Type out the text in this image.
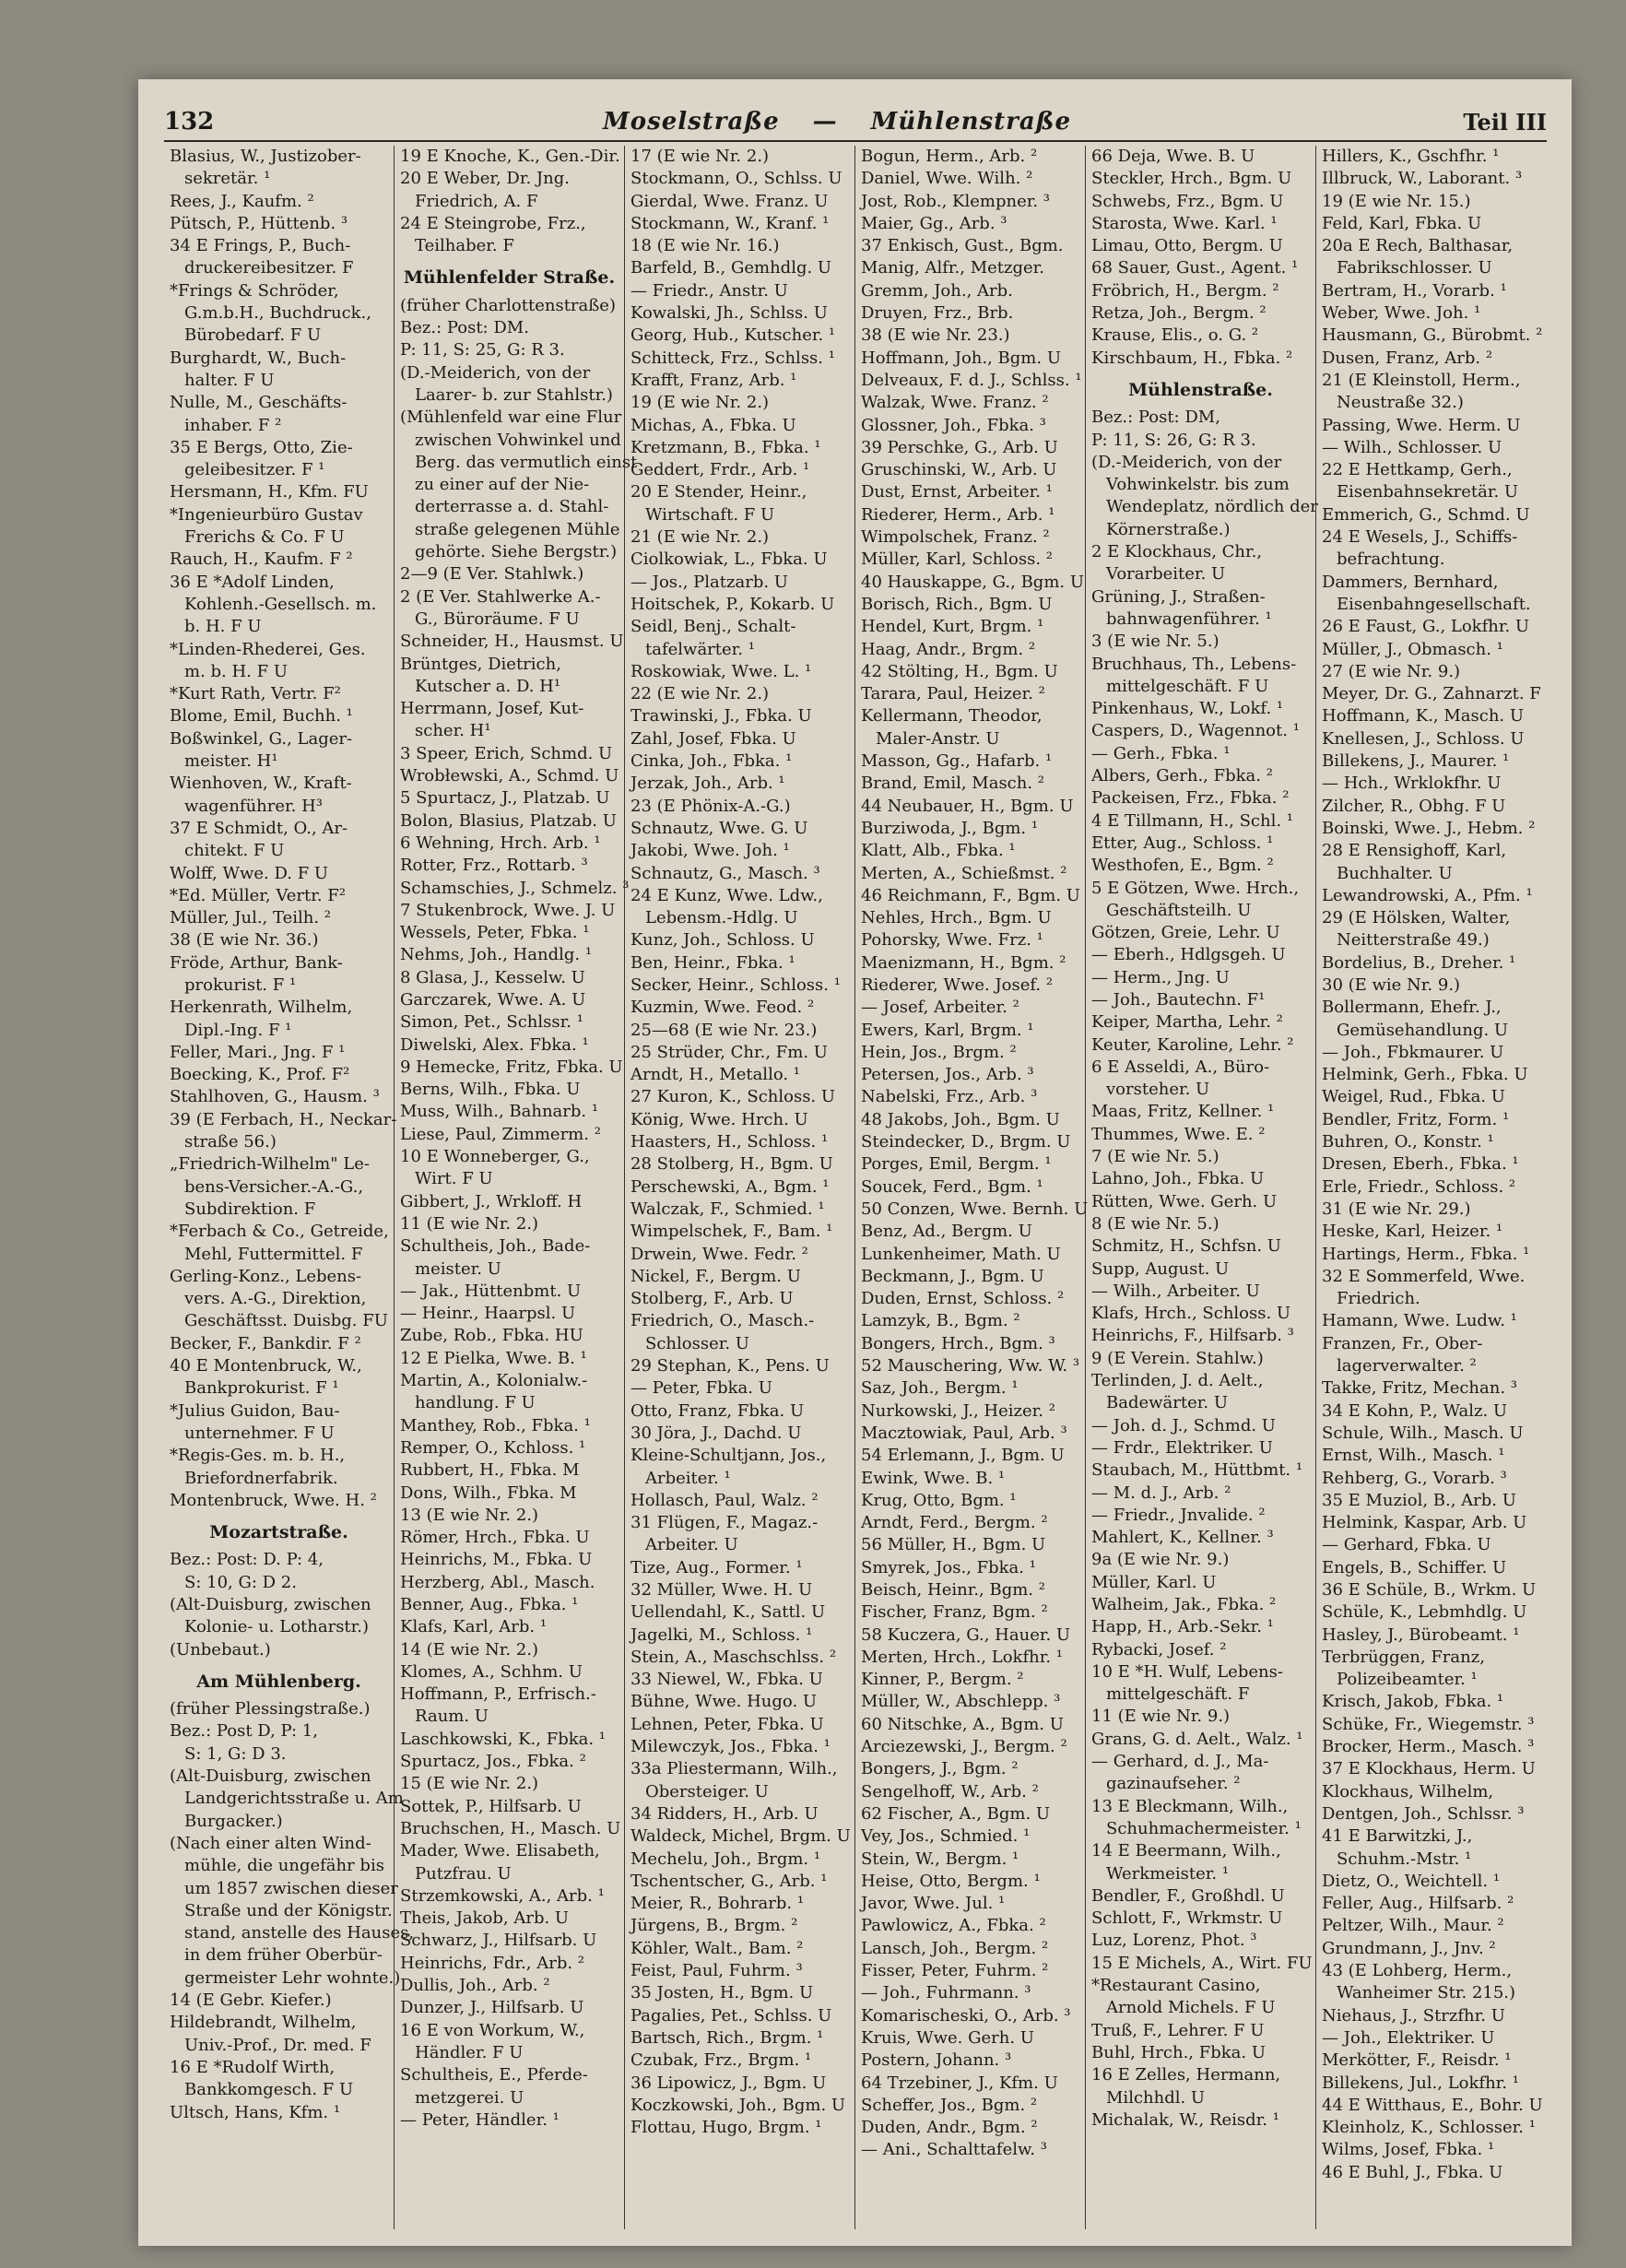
132	Moselstraße — Mühlenstraße	Teil III
Blasius, W., Justizober-
sekretär. ¹
Rees, J., Kaufm. ²
Pütsch, P., Hüttenb. ³
34 E Frings, P., Buch-
druckereibesitzer. F
*Frings & Schröder,
G.m.b.H., Buchdruck.,
Bürobedarf. F U
Burghardt, W., Buch-
halter. F U
Nulle, M., Geschäfts-
inhaber. F ²
35 E Bergs, Otto, Zie-
geleibesitzer. F ¹
Hersmann, H., Kfm. FU
*Ingenieurbüro Gustav
Frerichs & Co. F U
Rauch, H., Kaufm. F ²
36 E *Adolf Linden,
Kohlenh.-Gesellsch. m.
b. H. F U
*Linden-Rhederei, Ges.
m. b. H. F U
*Kurt Rath, Vertr. F²
Blome, Emil, Buchh. ¹
Boßwinkel, G., Lager-
meister. H¹
Wienhoven, W., Kraft-
wagenführer. H³
37 E Schmidt, O., Ar-
chitekt. F U
Wolff, Wwe. D. F U
*Ed. Müller, Vertr. F²
Müller, Jul., Teilh. ²
38 (E wie Nr. 36.)
Fröde, Arthur, Bank-
prokurist. F ¹
Herkenrath, Wilhelm,
Dipl.-Ing. F ¹
Feller, Mari., Jng. F ¹
Boecking, K., Prof. F²
Stahlhoven, G., Hausm. ³
39 (E Ferbach, H., Neckar-
straße 56.)
„Friedrich-Wilhelm" Le-
bens-Versicher.-A.-G.,
Subdirektion. F
*Ferbach & Co., Getreide,
Mehl, Futtermittel. F
Gerling-Konz., Lebens-
vers. A.-G., Direktion,
Geschäftsst. Duisbg. FU
Becker, F., Bankdir. F ²
40 E Montenbruck, W.,
Bankprokurist. F ¹
*Julius Guidon, Bau-
unternehmer. F U
*Regis-Ges. m. b. H.,
Briefordnerfabrik.
Montenbruck, Wwe. H. ²
Mozartstraße.
Bez.: Post: D. P: 4,
S: 10, G: D 2.
(Alt-Duisburg, zwischen
Kolonie- u. Lotharstr.)
(Unbebaut.)
Am Mühlenberg.
(früher Plessingstraße.)
Bez.: Post D, P: 1,
S: 1, G: D 3.
(Alt-Duisburg, zwischen
Landgerichtsstraße u. Am
Burgacker.)
(Nach einer alten Wind-
mühle, die ungefähr bis
um 1857 zwischen dieser
Straße und der Königstr.
stand, anstelle des Hauses,
in dem früher Oberbür-
germeister Lehr wohnte.)
14 (E Gebr. Kiefer.)
Hildebrandt, Wilhelm,
Univ.-Prof., Dr. med. F
16 E *Rudolf Wirth,
Bankkomgesch. F U
Ultsch, Hans, Kfm. ¹
19 E Knoche, K., Gen.-Dir.
20 E Weber, Dr. Jng.
Friedrich, A. F
24 E Steingrobe, Frz.,
Teilhaber. F
Mühlenfelder Straße.
(früher Charlottenstraße)
Bez.: Post: DM.
P: 11, S: 25, G: R 3.
(D.-Meiderich, von der
Laarer- b. zur Stahlstr.)
(Mühlenfeld war eine Flur
zwischen Vohwinkel und
Berg. das vermutlich einst
zu einer auf der Nie-
derterrasse a. d. Stahl-
straße gelegenen Mühle
gehörte. Siehe Bergstr.)
2—9 (E Ver. Stahlwk.)
2 (E Ver. Stahlwerke A.-
G., Büroräume. F U
Schneider, H., Hausmst. U
Brüntges, Dietrich,
Kutscher a. D. H¹
Herrmann, Josef, Kut-
scher. H¹
3 Speer, Erich, Schmd. U
Wrobłewski, A., Schmd. U
5 Spurtacz, J., Platzab. U
Bolon, Blasius, Platzab. U
6 Wehning, Hrch. Arb. ¹
Rotter, Frz., Rottarb. ³
Schamschies, J., Schmelz. ³
7 Stukenbrock, Wwe. J. U
Wessels, Peter, Fbka. ¹
Nehms, Joh., Handlg. ¹
8 Glasa, J., Kesselw. U
Garczarek, Wwe. A. U
Simon, Pet., Schlssr. ¹
Diwelski, Alex. Fbka. ¹
9 Hemecke, Fritz, Fbka. U
Berns, Wilh., Fbka. U
Muss, Wilh., Bahnarb. ¹
Liese, Paul, Zimmerm. ²
10 E Wonneberger, G.,
Wirt. F U
Gibbert, J., Wrkloff. H
11 (E wie Nr. 2.)
Schultheis, Joh., Bade-
meister. U
— Jak., Hüttenbmt. U
— Heinr., Haarpsl. U
Zube, Rob., Fbka. HU
12 E Pielka, Wwe. B. ¹
Martin, A., Kolonialw.-
handlung. F U
Manthey, Rob., Fbka. ¹
Remper, O., Kchloss. ¹
Rubbert, H., Fbka. M
Dons, Wilh., Fbka. M
13 (E wie Nr. 2.)
Römer, Hrch., Fbka. U
Heinrichs, M., Fbka. U
Herzberg, Abl., Masch.
Benner, Aug., Fbka. ¹
Klafs, Karl, Arb. ¹
14 (E wie Nr. 2.)
Klomes, A., Schhm. U
Hoffmann, P., Erfrisch.-
Raum. U
Laschkowski, K., Fbka. ¹
Spurtacz, Jos., Fbka. ²
15 (E wie Nr. 2.)
Sottek, P., Hilfsarb. U
Bruchschen, H., Masch. U
Mader, Wwe. Elisabeth,
Putzfrau. U
Strzemkowski, A., Arb. ¹
Theis, Jakob, Arb. U
Schwarz, J., Hilfsarb. U
Heinrichs, Fdr., Arb. ²
Dullis, Joh., Arb. ²
Dunzer, J., Hilfsarb. U
16 E von Workum, W.,
Händler. F U
Schultheis, E., Pferde-
metzgerei. U
— Peter, Händler. ¹
17 (E wie Nr. 2.)
Stockmann, O., Schlss. U
Gierdal, Wwe. Franz. U
Stockmann, W., Kranf. ¹
18 (E wie Nr. 16.)
Barfeld, B., Gemhdlg. U
— Friedr., Anstr. U
Kowalski, Jh., Schlss. U
Georg, Hub., Kutscher. ¹
Schitteck, Frz., Schlss. ¹
Krafft, Franz, Arb. ¹
19 (E wie Nr. 2.)
Michas, A., Fbka. U
Kretzmann, B., Fbka. ¹
Geddert, Frdr., Arb. ¹
20 E Stender, Heinr.,
Wirtschaft. F U
21 (E wie Nr. 2.)
Ciolkowiak, L., Fbka. U
— Jos., Platzarb. U
Hoitschek, P., Kokarb. U
Seidl, Benj., Schalt-
tafelwärter. ¹
Roskowiak, Wwe. L. ¹
22 (E wie Nr. 2.)
Trawinski, J., Fbka. U
Zahl, Josef, Fbka. U
Cinka, Joh., Fbka. ¹
Jerzak, Joh., Arb. ¹
23 (E Phönix-A.-G.)
Schnautz, Wwe. G. U
Jakobi, Wwe. Joh. ¹
Schnautz, G., Masch. ³
24 E Kunz, Wwe. Ldw.,
Lebensm.-Hdlg. U
Kunz, Joh., Schloss. U
Ben, Heinr., Fbka. ¹
Secker, Heinr., Schloss. ¹
Kuzmin, Wwe. Feod. ²
25—68 (E wie Nr. 23.)
25 Strüder, Chr., Fm. U
Arndt, H., Metallo. ¹
27 Kuron, K., Schloss. U
König, Wwe. Hrch. U
Haasters, H., Schloss. ¹
28 Stolberg, H., Bgm. U
Perschewski, A., Bgm. ¹
Walczak, F., Schmied. ¹
Wimpelschek, F., Bam. ¹
Drwein, Wwe. Fedr. ²
Nickel, F., Bergm. U
Stolberg, F., Arb. U
Friedrich, O., Masch.-
Schlosser. U
29 Stephan, K., Pens. U
— Peter, Fbka. U
Otto, Franz, Fbka. U
30 Jöra, J., Dachd. U
Kleine-Schultjann, Jos.,
Arbeiter. ¹
Hollasch, Paul, Walz. ²
31 Flügen, F., Magaz.-
Arbeiter. U
Tize, Aug., Former. ¹
32 Müller, Wwe. H. U
Uellendahl, K., Sattl. U
Jagelki, M., Schloss. ¹
Stein, A., Maschschlss. ²
33 Niewel, W., Fbka. U
Bühne, Wwe. Hugo. U
Lehnen, Peter, Fbka. U
Milewczyk, Jos., Fbka. ¹
33a Pliestermann, Wilh.,
Obersteiger. U
34 Ridders, H., Arb. U
Waldeck, Michel, Brgm. U
Mechelu, Joh., Brgm. ¹
Tschentscher, G., Arb. ¹
Meier, R., Bohrarb. ¹
Jürgens, B., Brgm. ²
Köhler, Walt., Bam. ²
Feist, Paul, Fuhrm. ³
35 Josten, H., Bgm. U
Pagalies, Pet., Schlss. U
Bartsch, Rich., Brgm. ¹
Czubak, Frz., Brgm. ¹
36 Lipowicz, J., Bgm. U
Koczkowski, Joh., Bgm. U
Flottau, Hugo, Brgm. ¹
Bogun, Herm., Arb. ²
Daniel, Wwe. Wilh. ²
Jost, Rob., Klempner. ³
Maier, Gg., Arb. ³
37 Enkisch, Gust., Bgm.
Manig, Alfr., Metzger.
Gremm, Joh., Arb.
Druyen, Frz., Brb.
38 (E wie Nr. 23.)
Hoffmann, Joh., Bgm. U
Delveaux, F. d. J., Schlss. ¹
Walzak, Wwe. Franz. ²
Glossner, Joh., Fbka. ³
39 Perschke, G., Arb. U
Gruschinski, W., Arb. U
Dust, Ernst, Arbeiter. ¹
Riederer, Herm., Arb. ¹
Wimpolschek, Franz. ²
Müller, Karl, Schloss. ²
40 Hauskappe, G., Bgm. U
Borisch, Rich., Bgm. U
Hendel, Kurt, Brgm. ¹
Haag, Andr., Brgm. ²
42 Stölting, H., Bgm. U
Tarara, Paul, Heizer. ²
Kellermann, Theodor,
Maler-Anstr. U
Masson, Gg., Hafarb. ¹
Brand, Emil, Masch. ²
44 Neubauer, H., Bgm. U
Burziwoda, J., Bgm. ¹
Klatt, Alb., Fbka. ¹
Merten, A., Schießmst. ²
46 Reichmann, F., Bgm. U
Nehles, Hrch., Bgm. U
Pohorsky, Wwe. Frz. ¹
Maenizmann, H., Bgm. ²
Riederer, Wwe. Josef. ²
— Josef, Arbeiter. ²
Ewers, Karl, Brgm. ¹
Hein, Jos., Brgm. ²
Petersen, Jos., Arb. ³
Nabelski, Frz., Arb. ³
48 Jakobs, Joh., Bgm. U
Steindecker, D., Brgm. U
Porges, Emil, Bergm. ¹
Soucek, Ferd., Bgm. ¹
50 Conzen, Wwe. Bernh. U
Benz, Ad., Bergm. U
Lunkenheimer, Math. U
Beckmann, J., Bgm. U
Duden, Ernst, Schloss. ²
Lamzyk, B., Bgm. ²
Bongers, Hrch., Bgm. ³
52 Mauschering, Ww. W. ³
Saz, Joh., Bergm. ¹
Nurkowski, J., Heizer. ²
Macztowiak, Paul, Arb. ³
54 Erlemann, J., Bgm. U
Ewink, Wwe. B. ¹
Krug, Otto, Bgm. ¹
Arndt, Ferd., Bergm. ²
56 Müller, H., Bgm. U
Smyrek, Jos., Fbka. ¹
Beisch, Heinr., Bgm. ²
Fischer, Franz, Bgm. ²
58 Kuczera, G., Hauer. U
Merten, Hrch., Lokfhr. ¹
Kinner, P., Bergm. ²
Müller, W., Abschlepp. ³
60 Nitschke, A., Bgm. U
Arciezewski, J., Bergm. ²
Bongers, J., Bgm. ²
Sengelhoff, W., Arb. ²
62 Fischer, A., Bgm. U
Vey, Jos., Schmied. ¹
Stein, W., Bergm. ¹
Heise, Otto, Bergm. ¹
Javor, Wwe. Jul. ¹
Pawlowicz, A., Fbka. ²
Lansch, Joh., Bergm. ²
Fisser, Peter, Fuhrm. ²
— Joh., Fuhrmann. ³
Komarischeski, O., Arb. ³
Kruis, Wwe. Gerh. U
Postern, Johann. ³
64 Trzebiner, J., Kfm. U
Scheffer, Jos., Bgm. ²
Duden, Andr., Bgm. ²
— Ani., Schalttafelw. ³
66 Deja, Wwe. B. U
Steckler, Hrch., Bgm. U
Schwebs, Frz., Bgm. U
Starosta, Wwe. Karl. ¹
Limau, Otto, Bergm. U
68 Sauer, Gust., Agent. ¹
Fröbrich, H., Bergm. ²
Retza, Joh., Bergm. ²
Krause, Elis., o. G. ²
Kirschbaum, H., Fbka. ²
Mühlenstraße.
Bez.: Post: DM,
P: 11, S: 26, G: R 3.
(D.-Meiderich, von der
Vohwinkelstr. bis zum
Wendeplatz, nördlich der
Körnerstraße.)
2 E Klockhaus, Chr.,
Vorarbeiter. U
Grüning, J., Straßen-
bahnwagenführer. ¹
3 (E wie Nr. 5.)
Bruchhaus, Th., Lebens-
mittelgeschäft. F U
Pinkenhaus, W., Lokf. ¹
Caspers, D., Wagennot. ¹
— Gerh., Fbka. ¹
Albers, Gerh., Fbka. ²
Packeisen, Frz., Fbka. ²
4 E Tillmann, H., Schl. ¹
Etter, Aug., Schloss. ¹
Westhofen, E., Bgm. ²
5 E Götzen, Wwe. Hrch.,
Geschäftsteilh. U
Götzen, Greie, Lehr. U
— Eberh., Hdlgsgeh. U
— Herm., Jng. U
— Joh., Bautechn. F¹
Keiper, Martha, Lehr. ²
Keuter, Karoline, Lehr. ²
6 E Asseldi, A., Büro-
vorsteher. U
Maas, Fritz, Kellner. ¹
Thummes, Wwe. E. ²
7 (E wie Nr. 5.)
Lahno, Joh., Fbka. U
Rütten, Wwe. Gerh. U
8 (E wie Nr. 5.)
Schmitz, H., Schfsn. U
Supp, August. U
— Wilh., Arbeiter. U
Klafs, Hrch., Schloss. U
Heinrichs, F., Hilfsarb. ³
9 (E Verein. Stahlw.)
Terlinden, J. d. Aelt.,
Badewärter. U
— Joh. d. J., Schmd. U
— Frdr., Elektriker. U
Staubach, M., Hüttbmt. ¹
— M. d. J., Arb. ²
— Friedr., Jnvalide. ²
Mahlert, K., Kellner. ³
9a (E wie Nr. 9.)
Müller, Karl. U
Walheim, Jak., Fbka. ²
Happ, H., Arb.-Sekr. ¹
Rybacki, Josef. ²
10 E *H. Wulf, Lebens-
mittelgeschäft. F
11 (E wie Nr. 9.)
Grans, G. d. Aelt., Walz. ¹
— Gerhard, d. J., Ma-
gazinaufseher. ²
13 E Bleckmann, Wilh.,
Schuhmachermeister. ¹
14 E Beermann, Wilh.,
Werkmeister. ¹
Bendler, F., Großhdl. U
Schlott, F., Wrkmstr. U
Luz, Lorenz, Phot. ³
15 E Michels, A., Wirt. FU
*Restaurant Casino,
Arnold Michels. F U
Truß, F., Lehrer. F U
Buhl, Hrch., Fbka. U
16 E Zelles, Hermann,
Milchhdl. U
Michalak, W., Reisdr. ¹
Hillers, K., Gschfhr. ¹
Illbruck, W., Laborant. ³
19 (E wie Nr. 15.)
Feld, Karl, Fbka. U
20a E Rech, Balthasar,
Fabrikschlosser. U
Bertram, H., Vorarb. ¹
Weber, Wwe. Joh. ¹
Hausmann, G., Bürobmt. ²
Dusen, Franz, Arb. ²
21 (E Kleinstoll, Herm.,
Neustraße 32.)
Passing, Wwe. Herm. U
— Wilh., Schlosser. U
22 E Hettkamp, Gerh.,
Eisenbahnsekretär. U
Emmerich, G., Schmd. U
24 E Wesels, J., Schiffs-
befrachtung.
Dammers, Bernhard,
Eisenbahngesellschaft.
26 E Faust, G., Lokfhr. U
Müller, J., Obmasch. ¹
27 (E wie Nr. 9.)
Meyer, Dr. G., Zahnarzt. F
Hoffmann, K., Masch. U
Knellesen, J., Schloss. U
Billekens, J., Maurer. ¹
— Hch., Wrklokfhr. U
Zilcher, R., Obhg. F U
Boinski, Wwe. J., Hebm. ²
28 E Rensighoff, Karl,
Buchhalter. U
Lewandrowski, A., Pfm. ¹
29 (E Hölsken, Walter,
Neitterstraße 49.)
Bordelius, B., Dreher. ¹
30 (E wie Nr. 9.)
Bollermann, Ehefr. J.,
Gemüsehandlung. U
— Joh., Fbkmaurer. U
Helmink, Gerh., Fbka. U
Weigel, Rud., Fbka. U
Bendler, Fritz, Form. ¹
Buhren, O., Konstr. ¹
Dresen, Eberh., Fbka. ¹
Erle, Friedr., Schloss. ²
31 (E wie Nr. 29.)
Heske, Karl, Heizer. ¹
Hartings, Herm., Fbka. ¹
32 E Sommerfeld, Wwe.
Friedrich.
Hamann, Wwe. Ludw. ¹
Franzen, Fr., Ober-
lagerverwalter. ²
Takke, Fritz, Mechan. ³
34 E Kohn, P., Walz. U
Schule, Wilh., Masch. U
Ernst, Wilh., Masch. ¹
Rehberg, G., Vorarb. ³
35 E Muziol, B., Arb. U
Helmink, Kaspar, Arb. U
— Gerhard, Fbka. U
Engels, B., Schiffer. U
36 E Schüle, B., Wrkm. U
Schüle, K., Lebmhdlg. U
Hasley, J., Bürobeamt. ¹
Terbrüggen, Franz,
Polizeibeamter. ¹
Krisch, Jakob, Fbka. ¹
Schüke, Fr., Wiegemstr. ³
Brocker, Herm., Masch. ³
37 E Klockhaus, Herm. U
Klockhaus, Wilhelm,
Dentgen, Joh., Schlssr. ³
41 E Barwitzki, J.,
Schuhm.-Mstr. ¹
Dietz, O., Weichtell. ¹
Feller, Aug., Hilfsarb. ²
Peltzer, Wilh., Maur. ²
Grundmann, J., Jnv. ²
43 (E Lohberg, Herm.,
Wanheimer Str. 215.)
Niehaus, J., Strzfhr. U
— Joh., Elektriker. U
Merkötter, F., Reisdr. ¹
Billekens, Jul., Lokfhr. ¹
44 E Witthaus, E., Bohr. U
Kleinholz, K., Schlosser. ¹
Wilms, Josef, Fbka. ¹
46 E Buhl, J., Fbka. U
